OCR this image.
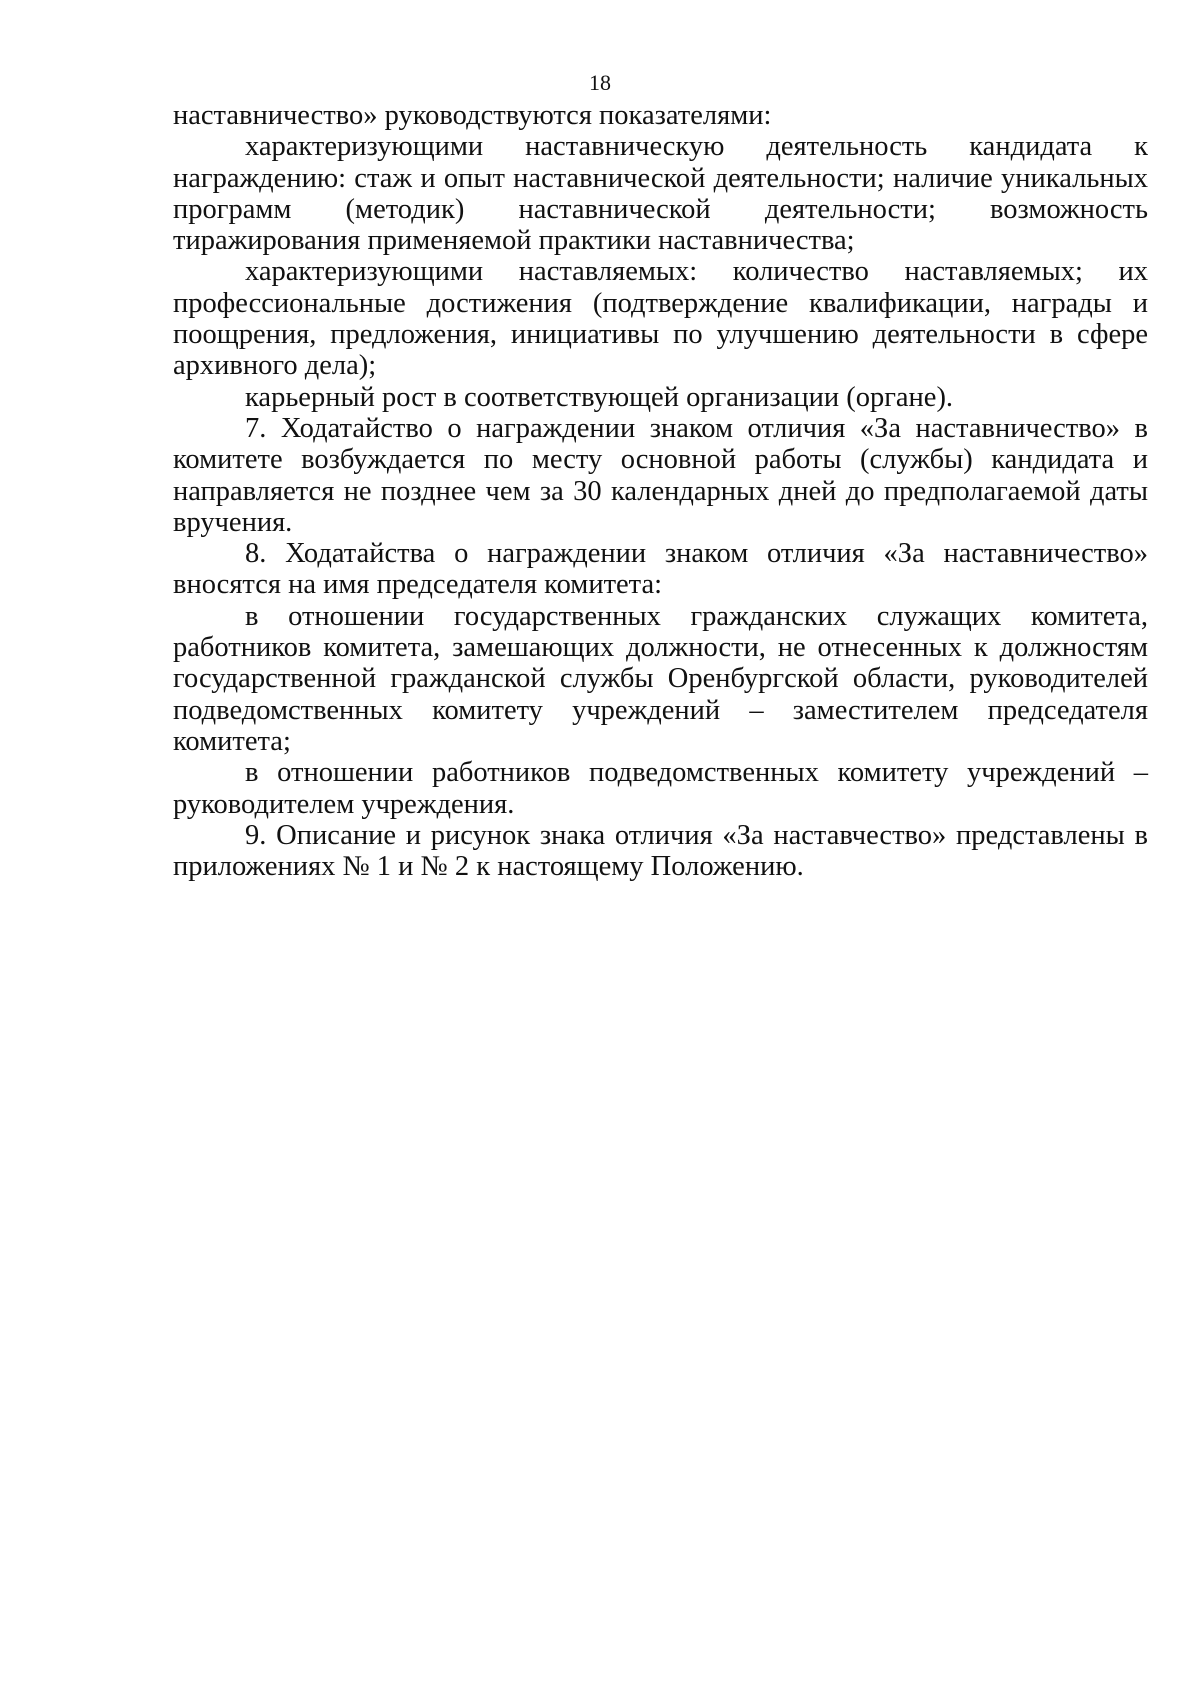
18

наставничество» руководствуются показателями:

характеризующими наставническую деятельность кандидата к награждению: стаж и опыт наставнической деятельности; наличие уникальных программ (методик) наставнической деятельности; возможность тиражирования применяемой практики наставничества;

характеризующими наставляемых: количество наставляемых; их профессиональные достижения (подтверждение квалификации, награды и поощрения, предложения, инициативы по улучшению деятельности в сфере архивного дела);

карьерный рост в соответствующей организации (органе).

7. Ходатайство о награждении знаком отличия «За наставничество» в комитете возбуждается по месту основной работы (службы) кандидата и направляется не позднее чем за 30 календарных дней до предполагаемой даты вручения.

8. Ходатайства о награждении знаком отличия «За наставничество» вносятся на имя председателя комитета:

в отношении государственных гражданских служащих комитета, работников комитета, замешающих должности, не отнесенных к должностям государственной гражданской службы Оренбургской области, руководителей подведомственных комитету учреждений – заместителем председателя комитета;

в отношении работников подведомственных комитету учреждений – руководителем учреждения.

9. Описание и рисунок знака отличия «За наставчество» представлены в приложениях № 1 и № 2 к настоящему Положению.
